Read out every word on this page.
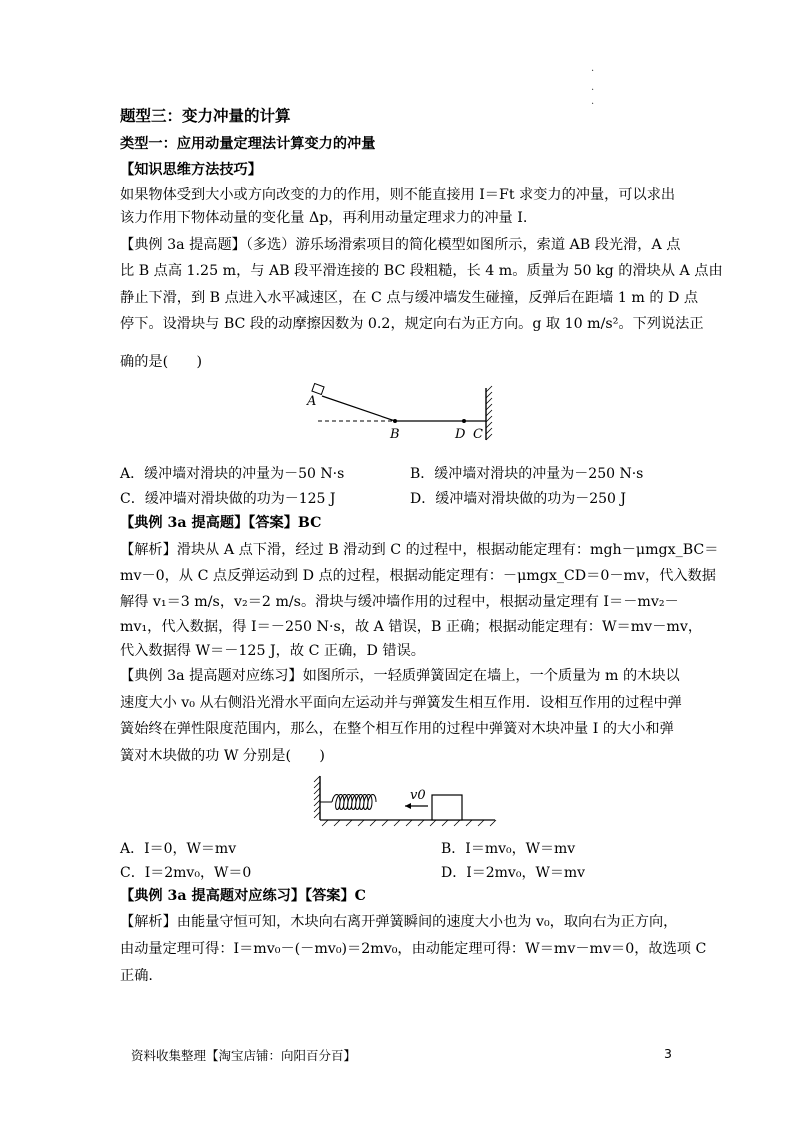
·
.
.
题型三：变力冲量的计算
类型一：应用动量定理法计算变力的冲量
【知识思维方法技巧】
如果物体受到大小或方向改变的力的作用，则不能直接用 I＝Ft 求变力的冲量，可以求出
该力作用下物体动量的变化量 Δp，再利用动量定理求力的冲量 I.
【典例 3a 提高题】（多选）游乐场滑索项目的简化模型如图所示，索道 AB 段光滑，A 点
比 B 点高 1.25 m，与 AB 段平滑连接的 BC 段粗糙，长 4 m。质量为 50 kg 的滑块从 A 点由
静止下滑，到 B 点进入水平减速区，在 C 点与缓冲墙发生碰撞，反弹后在距墙 1 m 的 D 点
停下。设滑块与 BC 段的动摩擦因数为 0.2，规定向右为正方向。g 取 10 m/s²。下列说法正
确的是(　　)
A
B	D C
A．缓冲墙对滑块的冲量为－50 N·s	B．缓冲墙对滑块的冲量为－250 N·s
C．缓冲墙对滑块做的功为－125 J	D．缓冲墙对滑块做的功为－250 J
【典例 3a 提高题】【答案】BC
【解析】滑块从 A 点下滑，经过 B 滑动到 C 的过程中，根据动能定理有：mgh－μmgx_BC＝
mv－0，从 C 点反弹运动到 D 点的过程，根据动能定理有：－μmgx_CD＝0－mv，代入数据
解得 v₁＝3 m/s，v₂＝2 m/s。滑块与缓冲墙作用的过程中，根据动量定理有 I＝－mv₂－
mv₁，代入数据，得 I＝－250 N·s，故 A 错误，B 正确；根据动能定理有：W＝mv－mv，
代入数据得 W＝－125 J，故 C 正确，D 错误。
【典例 3a 提高题对应练习】如图所示，一轻质弹簧固定在墙上，一个质量为 m 的木块以
速度大小 v₀ 从右侧沿光滑水平面向左运动并与弹簧发生相互作用．设相互作用的过程中弹
簧始终在弹性限度范围内，那么，在整个相互作用的过程中弹簧对木块冲量 I 的大小和弹
簧对木块做的功 W 分别是(　　)
v0
A．I＝0，W＝mv	B．I＝mv₀，W＝mv
C．I＝2mv₀，W＝0	D．I＝2mv₀，W＝mv
【典例 3a 提高题对应练习】【答案】C
【解析】由能量守恒可知，木块向右离开弹簧瞬间的速度大小也为 v₀，取向右为正方向，
由动量定理可得：I＝mv₀－(－mv₀)＝2mv₀，由动能定理可得：W＝mv－mv＝0，故选项 C
正确.
资料收集整理【淘宝店铺：向阳百分百】	3
